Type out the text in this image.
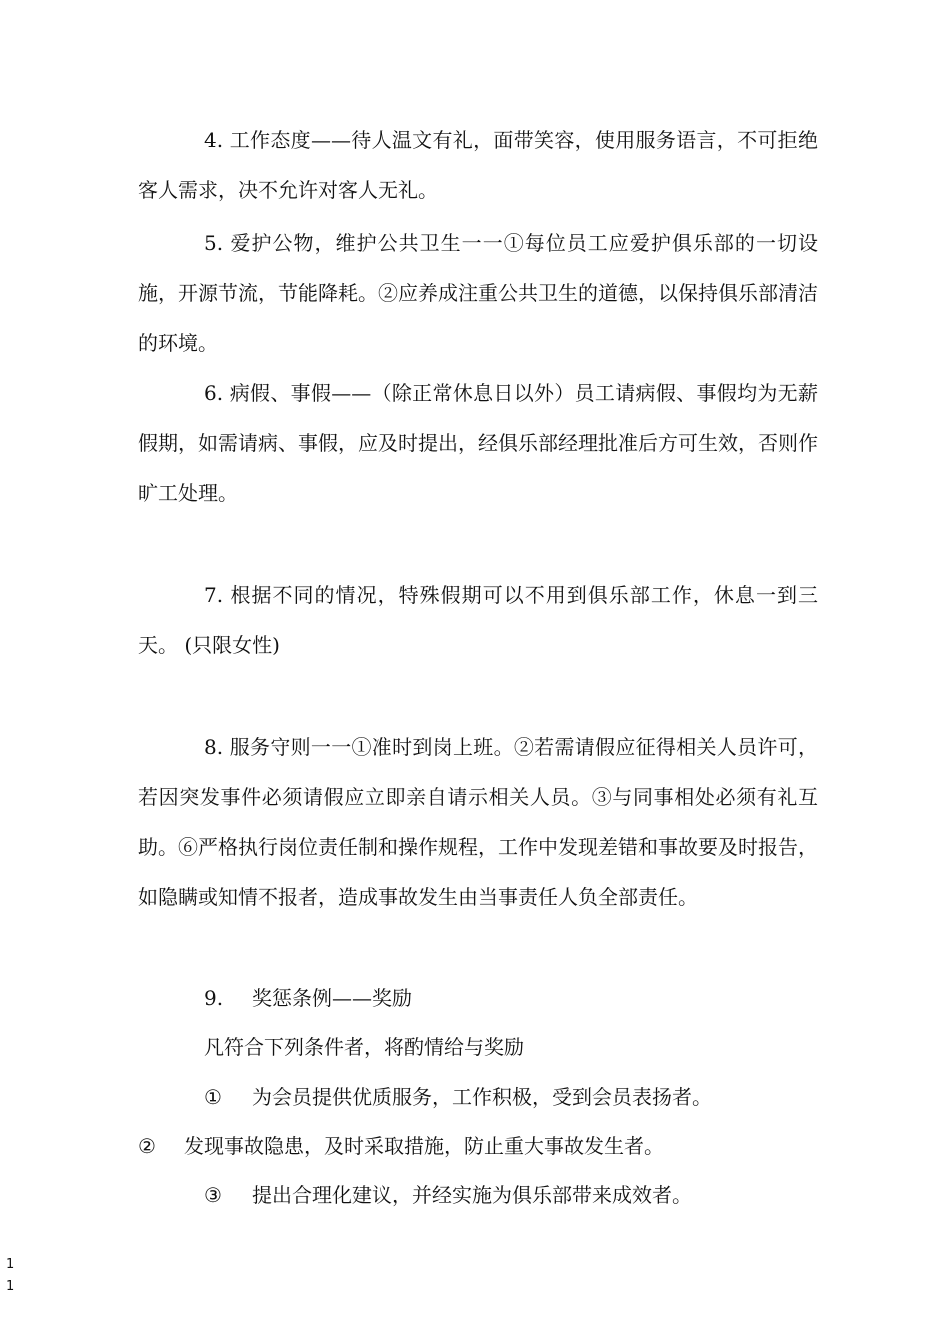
4. 工作态度——待人温文有礼，面带笑容，使用服务语言，不可拒绝客人需求，决不允许对客人无礼。

5. 爱护公物，维护公共卫生一一①每位员工应爱护俱乐部的一切设施，开源节流，节能降耗。②应养成注重公共卫生的道德，以保持俱乐部清洁的环境。

6. 病假、事假——（除正常休息日以外）员工请病假、事假均为无薪假期，如需请病、事假，应及时提出，经俱乐部经理批准后方可生效，否则作旷工处理。

7. 根据不同的情况，特殊假期可以不用到俱乐部工作，休息一到三天。 (只限女性)

8. 服务守则一一①准时到岗上班。②若需请假应征得相关人员许可，若因突发事件必须请假应立即亲自请示相关人员。③与同事相处必须有礼互助。⑥严格执行岗位责任制和操作规程，工作中发现差错和事故要及时报告，如隐瞒或知情不报者，造成事故发生由当事责任人负全部责任。

9. 奖惩条例——奖励
凡符合下列条件者，将酌情给与奖励
① 为会员提供优质服务，工作积极，受到会员表扬者。
② 发现事故隐患，及时采取措施，防止重大事故发生者。
③ 提出合理化建议，并经实施为俱乐部带来成效者。
1
1
